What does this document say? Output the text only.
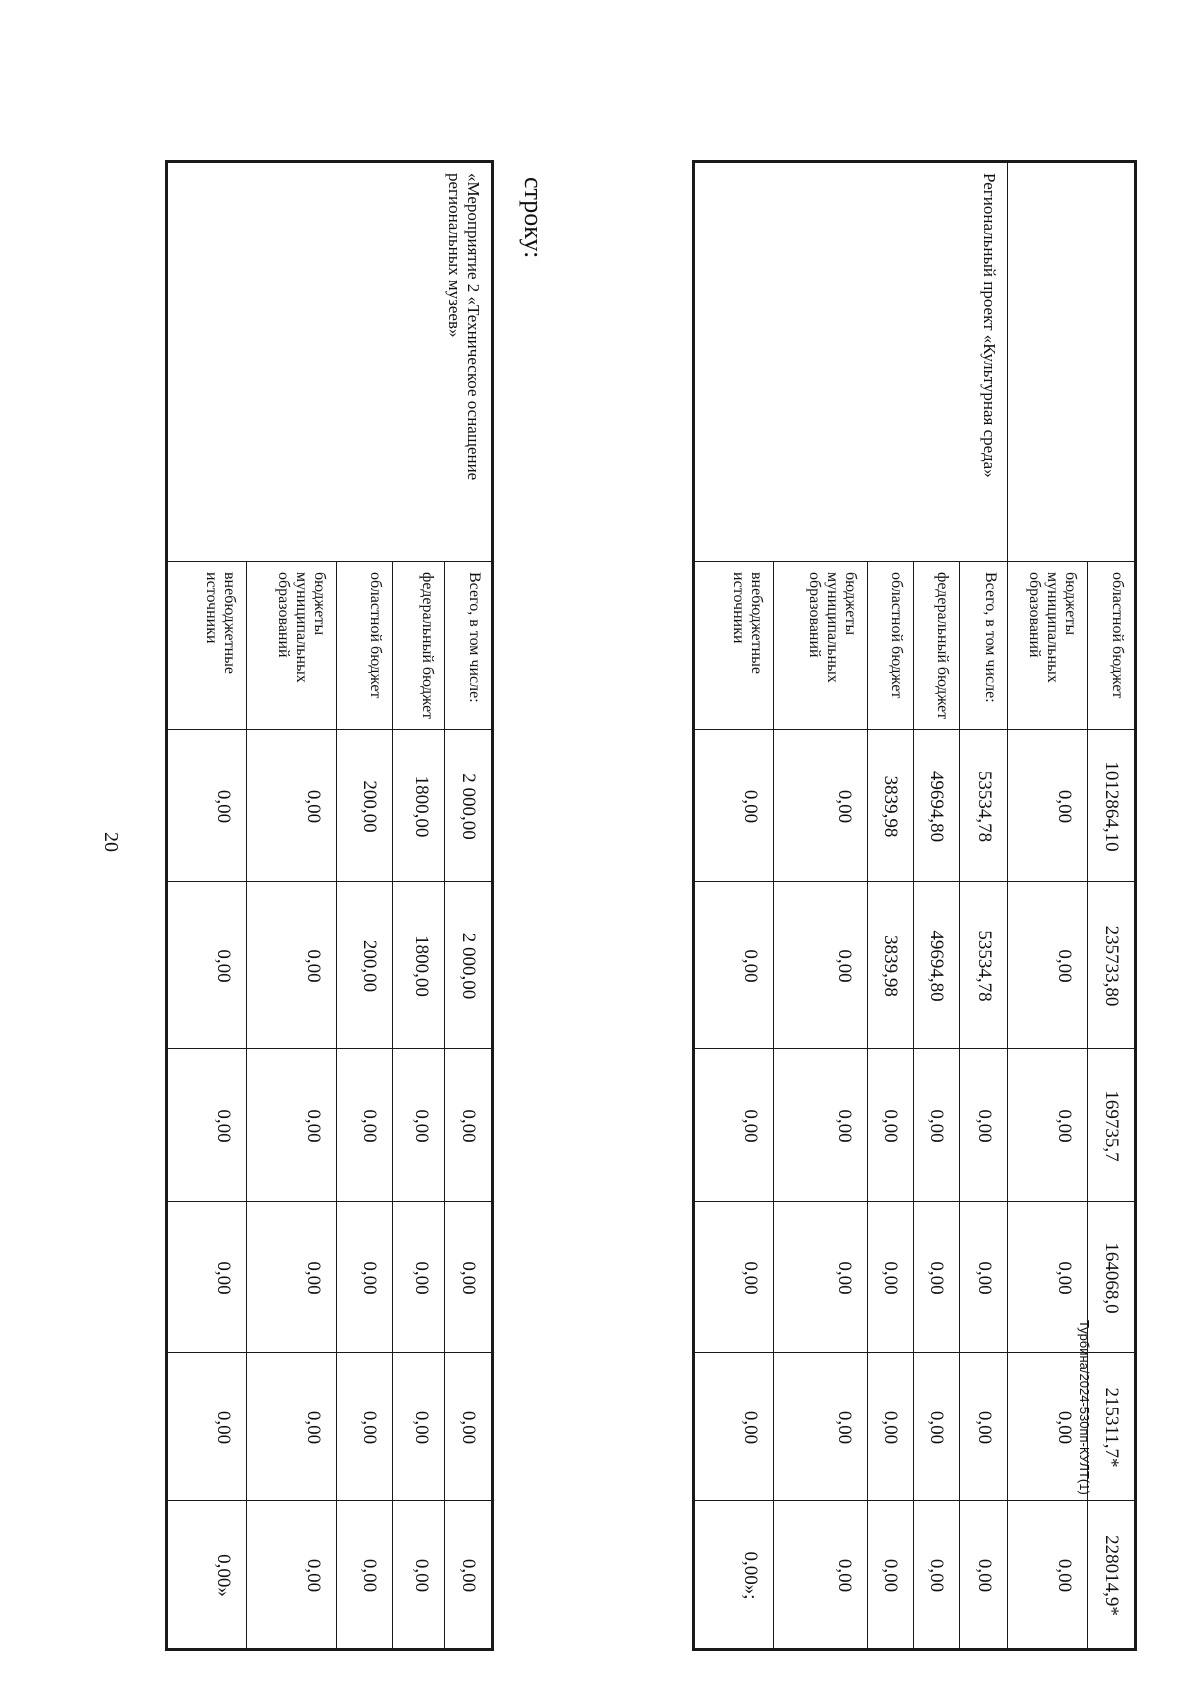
20
	областной бюджет	1012864,10	235733,80	169735,7	164068,0	215311,7*	228014,9*
	бюджеты муниципальных образований	0,00	0,00	0,00	0,00	0,00	0,00
Региональный проект «Культурная среда»	Всего, в том числе:	53534,78	53534,78	0,00	0,00	0,00	0,00
	федеральный бюджет	49694,80	49694,80	0,00	0,00	0,00	0,00
	областной бюджет	3839,98	3839,98	0,00	0,00	0,00	0,00
	бюджеты муниципальных образований	0,00	0,00	0,00	0,00	0,00	0,00
	внебюджетные источники	0,00	0,00	0,00	0,00	0,00	0,00»;
строку:
«Мероприятие 2 «Техническое оснащение региональных музеев»	Всего, в том числе:	2 000,00	2 000,00	0,00	0,00	0,00	0,00
	федеральный бюджет	1800,00	1800,00	0,00	0,00	0,00	0,00
	областной бюджет	200,00	200,00	0,00	0,00	0,00	0,00
	бюджеты муниципальных образований	0,00	0,00	0,00	0,00	0,00	0,00
	внебюджетные источники	0,00	0,00	0,00	0,00	0,00	0,00»
Турбина/2024-530пп-КУЛТ(1)
